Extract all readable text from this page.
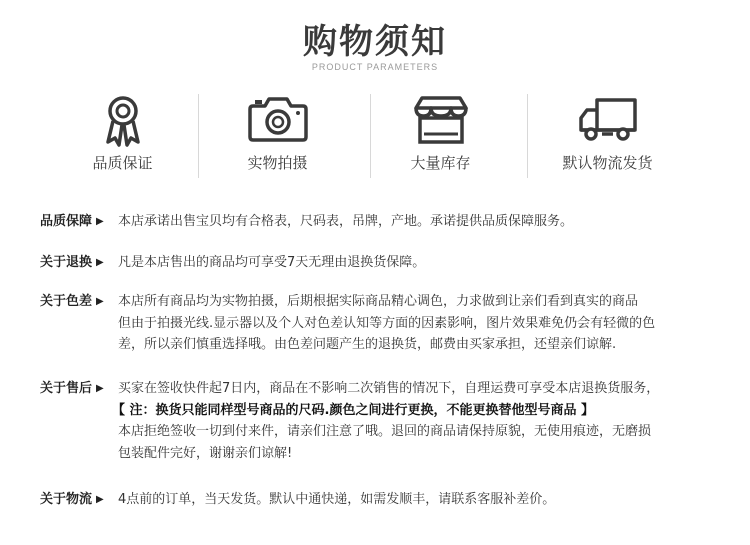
购物须知
PRODUCT PARAMETERS
品质保证	实物拍摄	大量库存	默认物流发货
品质保障 ▶ 本店承诺出售宝贝均有合格表，尺码表，吊牌，产地。承诺提供品质保障服务。
关于退换 ▶ 凡是本店售出的商品均可享受7天无理由退换货保障。
关于色差 ▶ 本店所有商品均为实物拍摄，后期根据实际商品精心调色，力求做到让亲们看到真实的商品
但由于拍摄光线.显示器以及个人对色差认知等方面的因素影响，图片效果难免仍会有轻微的色
差，所以亲们慎重选择哦。由色差问题产生的退换货，邮费由买家承担，还望亲们谅解.
关于售后 ▶ 买家在签收快件起7日内，商品在不影响二次销售的情况下，自理运费可享受本店退换货服务，
【 注：换货只能同样型号商品的尺码.颜色之间进行更换，不能更换替他型号商品 】
本店拒绝签收一切到付来件，请亲们注意了哦。退回的商品请保持原貌，无使用痕迹，无磨损
包装配件完好，谢谢亲们谅解!
关于物流 ▶ 4点前的订单，当天发货。默认中通快递，如需发顺丰，请联系客服补差价。
